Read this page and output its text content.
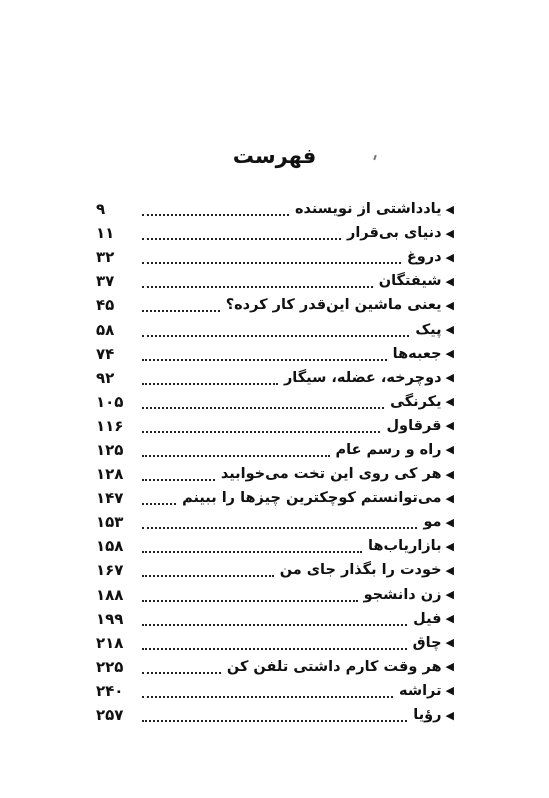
فهرست
◀
یادداشتی از نویسنده
۹
◀
دنیای بی‌قرار
۱۱
◀
دروغ
۳۲
◀
شیفتگان
۳۷
◀
یعنی ماشین این‌قدر کار کرده؟
۴۵
◀
پیک
۵۸
◀
جعبه‌ها
۷۴
◀
دوچرخه، عضله، سیگار
۹۲
◀
یکرنگی
۱۰۵
◀
قرقاول
۱۱۶
◀
راه و رسم عام
۱۲۵
◀
هر کی روی این تخت می‌خوابید
۱۲۸
◀
می‌توانستم کوچکترین چیزها را ببینم
۱۴۷
◀
مو
۱۵۳
◀
بازاریاب‌ها
۱۵۸
◀
خودت را بگذار جای من
۱۶۷
◀
زن دانشجو
۱۸۸
◀
فیل
۱۹۹
◀
چاق
۲۱۸
◀
هر وقت کارم داشتی تلفن کن
۲۲۵
◀
تراشه
۲۴۰
◀
رؤیا
۲۵۷
